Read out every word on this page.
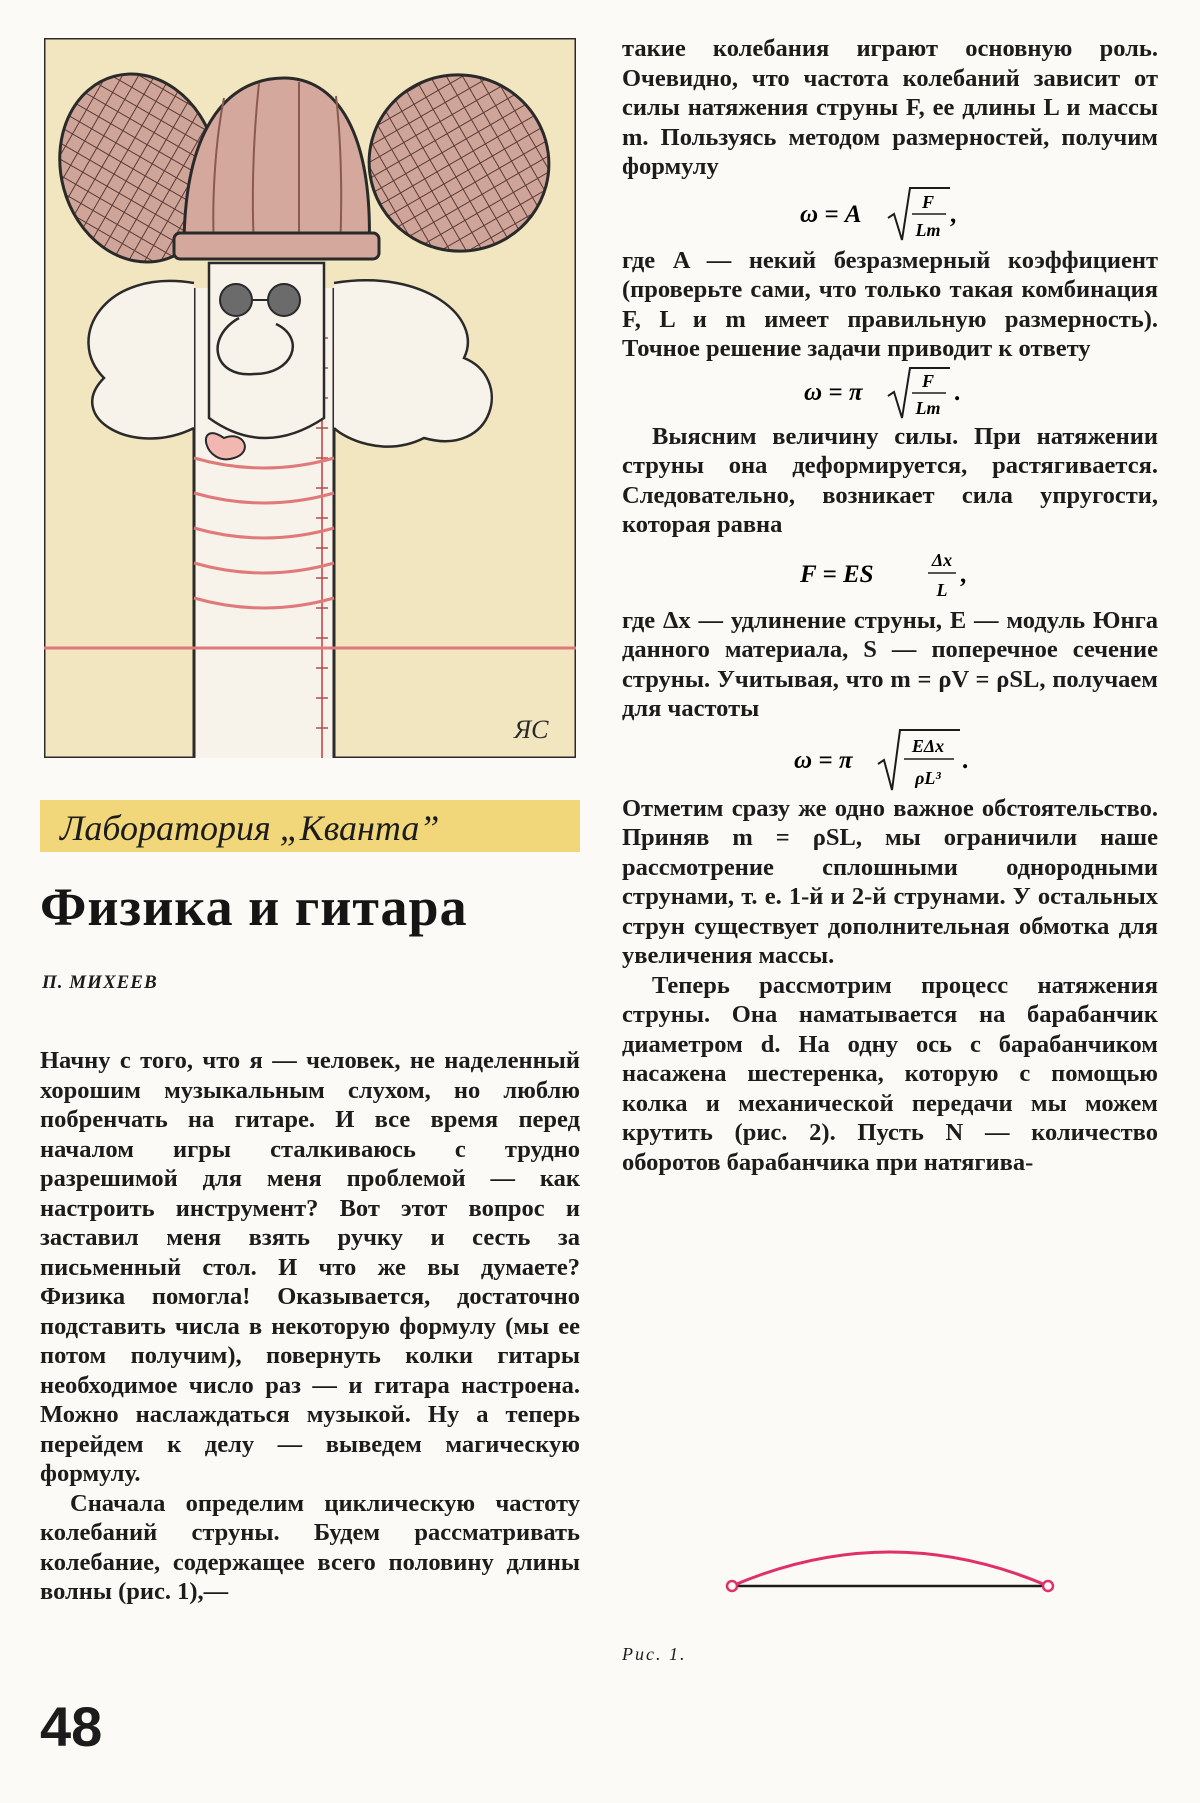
ЯС
Лаборатория „Кванта”
Физика и гитара
П. МИХЕЕВ

Начну с того, что я — человек, не наделенный хорошим музыкальным слухом, но люблю побренчать на гитаре. И все время перед началом игры сталкиваюсь с трудно разрешимой для меня проблемой — как настроить инструмент? Вот этот вопрос и заставил меня взять ручку и сесть за письменный стол. И что же вы думаете? Физика помогла! Оказывается, достаточно подставить числа в некоторую формулу (мы ее потом получим), повернуть колки гитары необходимое число раз — и гитара настроена. Можно наслаждаться музыкой. Ну а теперь перейдем к делу — выведем магическую формулу.

Сначала определим циклическую частоту колебаний струны. Будем рассматривать колебание, содержащее всего половину длины волны (рис. 1),—

такие колебания играют основную роль. Очевидно, что частота колебаний зависит от силы натяжения струны F, ее длины L и массы m. Пользуясь методом размерностей, получим формулу

ω = A	F
Lm
,

где A — некий безразмерный коэффициент (проверьте сами, что только такая комбинация F, L и m имеет правильную размерность). Точное решение задачи приводит к ответу

ω = π	F
Lm
.

Выясним величину силы. При натяжении струны она деформируется, растягивается. Следовательно, возникает сила упругости, которая равна

F = ES
Δx
L
,

где Δx — удлинение струны, E — модуль Юнга данного материала, S — поперечное сечение струны. Учитывая, что m = ρV = ρSL, получаем для частоты

ω = π
EΔx
ρL³
.

Отметим сразу же одно важное обстоятельство. Приняв m = ρSL, мы ограничили наше рассмотрение сплошными однородными струнами, т. е. 1-й и 2-й струнами. У остальных струн существует дополнительная обмотка для увеличения массы.

Теперь рассмотрим процесс натяжения струны. Она наматывается на барабанчик диаметром d. На одну ось с барабанчиком насажена шестеренка, которую с помощью колка и механической передачи мы можем крутить (рис. 2). Пусть N — количество оборотов барабанчика при натягива-

Рис. 1.
48
